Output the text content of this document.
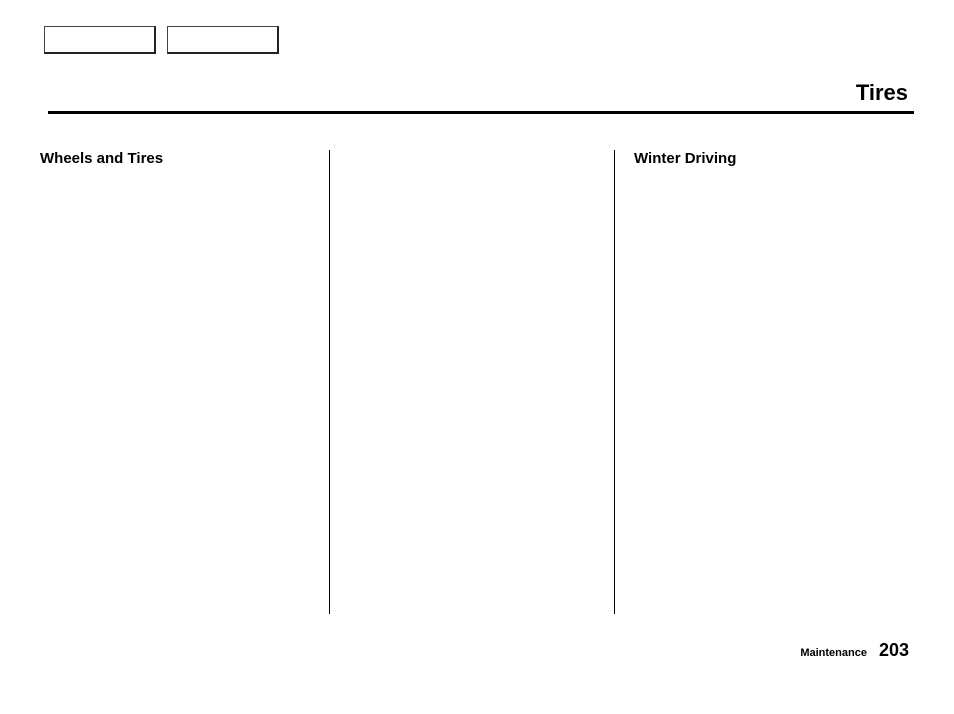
Tires
Wheels and Tires	Winter Driving
Maintenance 203
